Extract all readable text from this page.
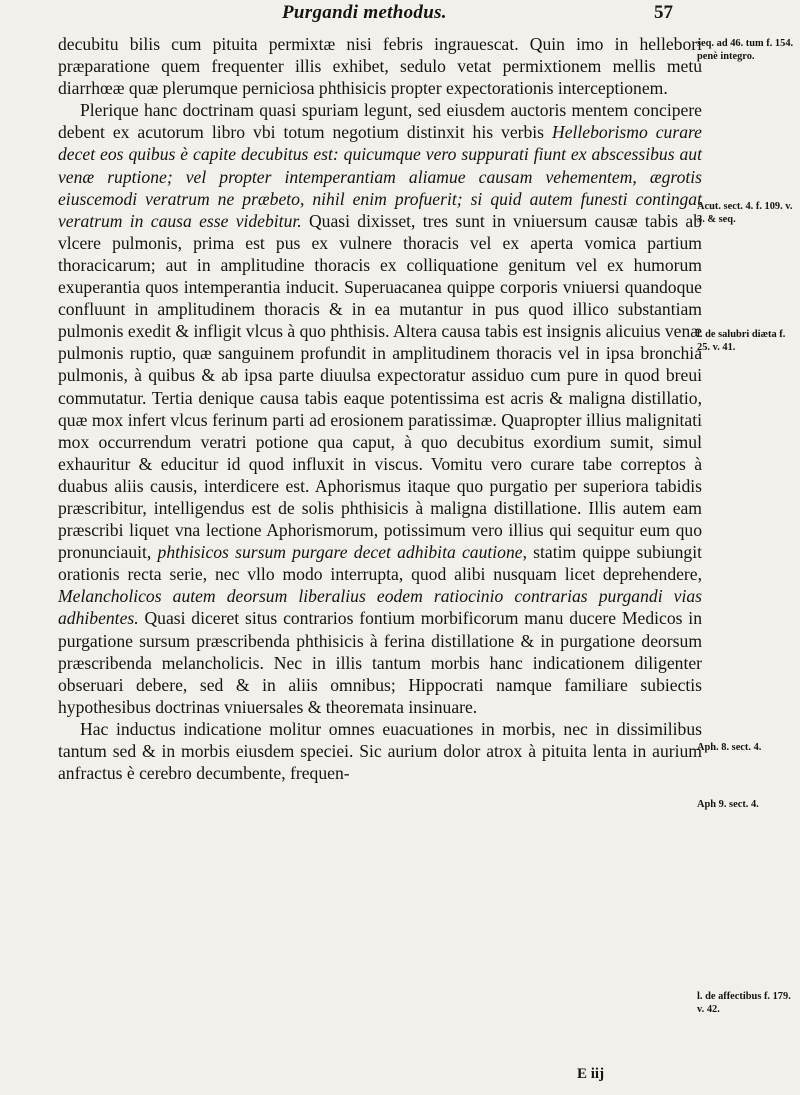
Purgandi methodus.	57

decubitu bilis cum pituita permixtæ nisi febris ingrauescat. Quin imo in hellebori præparatione quem frequenter illis exhibet, sedulo vetat permixtionem mellis metu diarrhœæ quæ plerumque perniciosa phthisicis propter expectorationis interceptionem.

Plerique hanc doctrinam quasi spuriam legunt, sed eiusdem auctoris mentem concipere debent ex acutorum libro vbi totum negotium distinxit his verbis Helleborismo curare decet eos quibus è capite decubitus est: quicumque vero suppurati fiunt ex abscessibus aut venæ ruptione; vel propter intemperantiam aliamue causam vehementem, ægrotis eiuscemodi veratrum ne præbeto, nihil enim profuerit; si quid autem funesti contingat veratrum in causa esse videbitur. Quasi dixisset, tres sunt in vniuersum causæ tabis ab vlcere pulmonis, prima est pus ex vulnere thoracis vel ex aperta vomica partium thoracicarum; aut in amplitudine thoracis ex colliquatione genitum vel ex humorum exuperantia quos intemperantia inducit. Superuacanea quippe corporis vniuersi quandoque confluunt in amplitudinem thoracis & in ea mutantur in pus quod illico substantiam pulmonis exedit & infligit vlcus à quo phthisis. Altera causa tabis est insignis alicuius venæ pulmonis ruptio, quæ sanguinem profundit in amplitudinem thoracis vel in ipsa bronchia pulmonis, à quibus & ab ipsa parte diuulsa expectoratur assiduo cum pure in quod breui commutatur. Tertia denique causa tabis eaque potentissima est acris & maligna distillatio, quæ mox infert vlcus ferinum parti ad erosionem paratissimæ. Quapropter illius malignitati mox occurrendum veratri potione qua caput, à quo decubitus exordium sumit, simul exhauritur & educitur id quod influxit in viscus. Vomitu vero curare tabe correptos à duabus aliis causis, interdicere est. Aphorismus itaque quo purgatio per superiora tabidis præscribitur, intelligendus est de solis phthisicis à maligna distillatione. Illis autem eam præscribi liquet vna lectione Aphorismorum, potissimum vero illius qui sequitur eum quo pronunciauit, phthisicos sursum purgare decet adhibita cautione, statim quippe subiungit orationis recta serie, nec vllo modo interrupta, quod alibi nusquam licet deprehendere, Melancholicos autem deorsum liberalius eodem ratiocinio contrarias purgandi vias adhibentes. Quasi diceret situs contrarios fontium morbificorum manu ducere Medicos in purgatione sursum præscribenda phthisicis à ferina distillatione & in purgatione deorsum præscribenda melancholicis. Nec in illis tantum morbis hanc indicationem diligenter obseruari debere, sed & in aliis omnibus; Hippocrati namque familiare subiectis hypothesibus doctrinas vniuersales & theoremata insinuare.

Hac inductus indicatione molitur omnes euacuationes in morbis, nec in dissimilibus tantum sed & in morbis eiusdem speciei. Sic aurium dolor atrox à pituita lenta in aurium anfractus è cerebro decumbente, frequen-

seq. ad 46. tum f. 154. penè integro.
Acut. sect. 4. f. 109. v. 3. & seq.
l. de salubri diæta f. 25. v. 41.
Aph. 8. sect. 4.
Aph 9. sect. 4.
l. de affectibus f. 179. v. 42.
E iij
